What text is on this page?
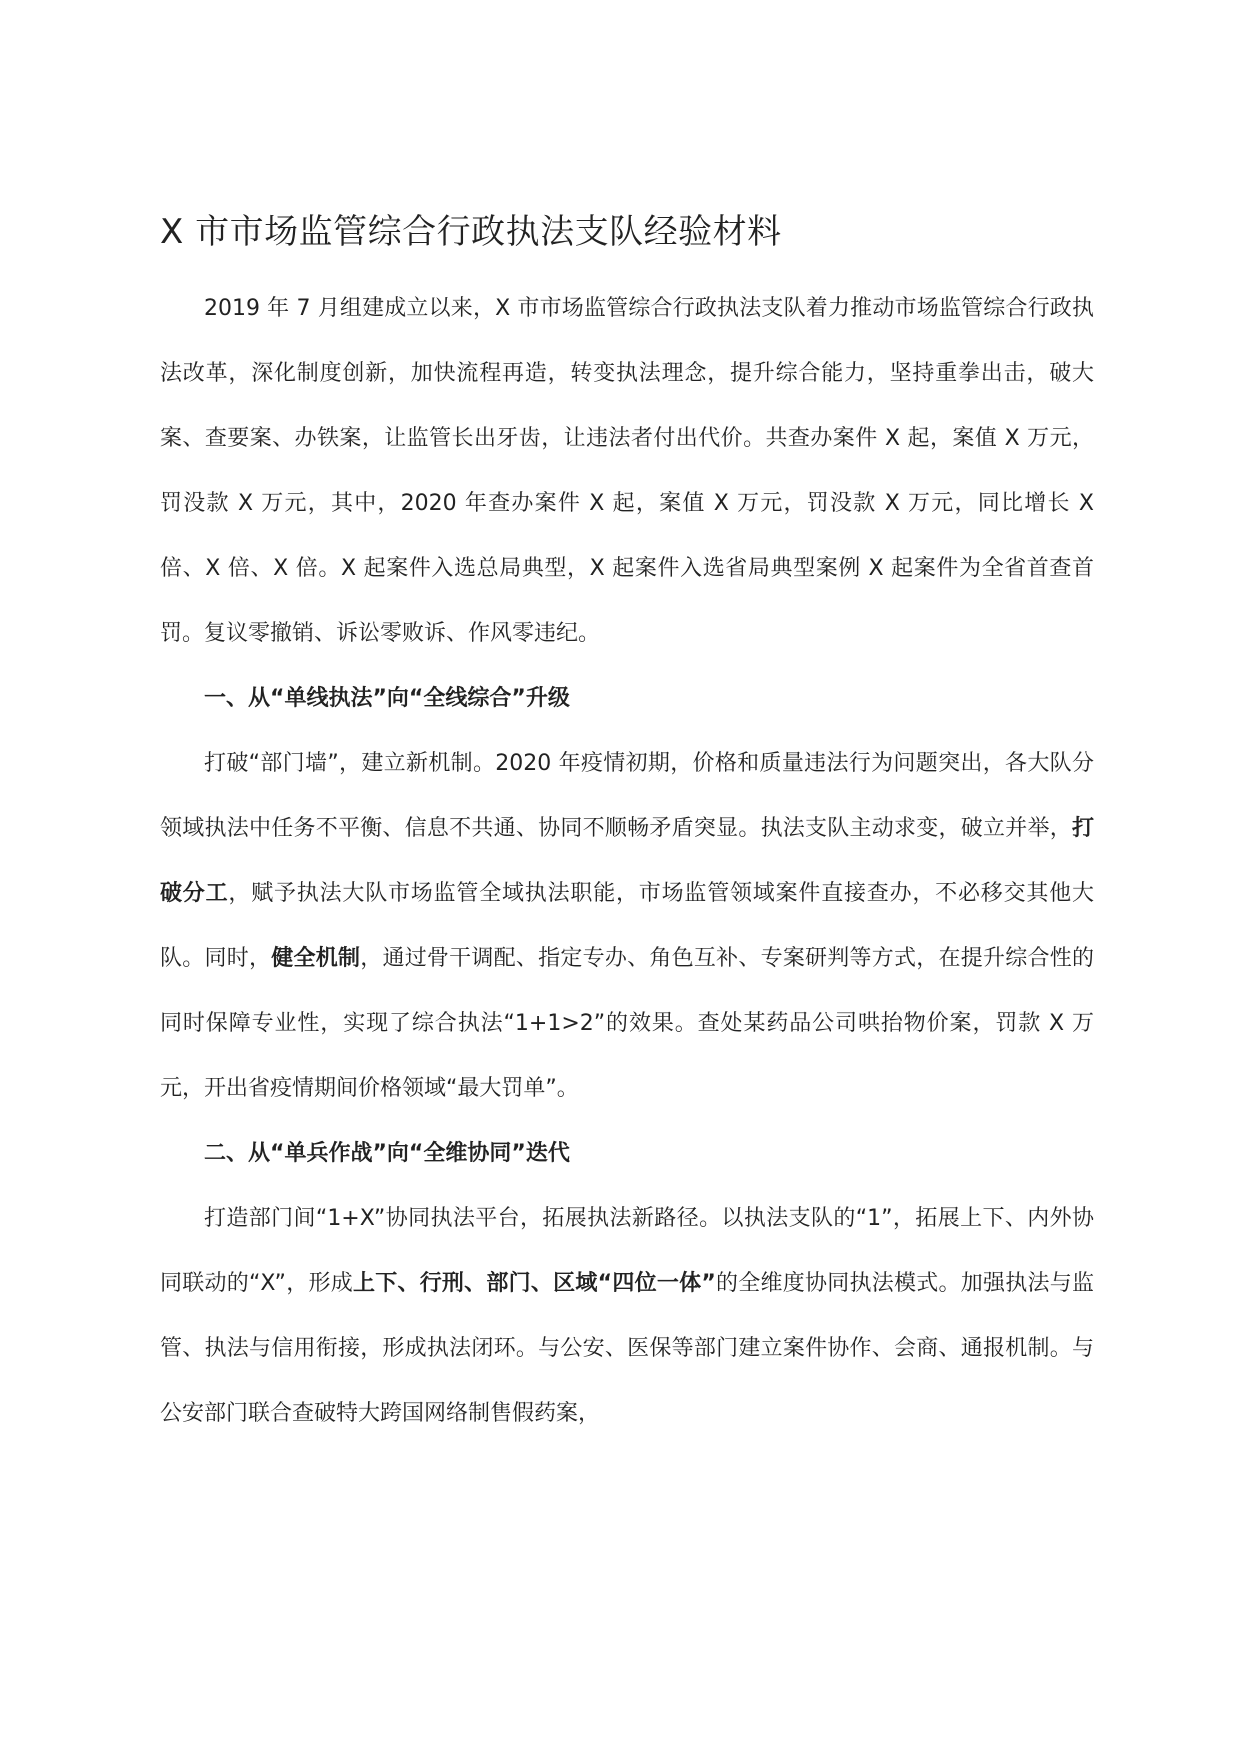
X 市市场监管综合行政执法支队经验材料

2019 年 7 月组建成立以来，X 市市场监管综合行政执法支队着力推动市场监管综合行政执法改革，深化制度创新，加快流程再造，转变执法理念，提升综合能力，坚持重拳出击，破大案、查要案、办铁案，让监管长出牙齿，让违法者付出代价。共查办案件 X 起，案值 X 万元，罚没款 X 万元，其中，2020 年查办案件 X 起，案值 X 万元，罚没款 X 万元，同比增长 X 倍、X 倍、X 倍。X 起案件入选总局典型，X 起案件入选省局典型案例 X 起案件为全省首查首罚。复议零撤销、诉讼零败诉、作风零违纪。

一、从“单线执法”向“全线综合”升级

打破“部门墙”，建立新机制。2020 年疫情初期，价格和质量违法行为问题突出，各大队分领域执法中任务不平衡、信息不共通、协同不顺畅矛盾突显。执法支队主动求变，破立并举，打破分工，赋予执法大队市场监管全域执法职能，市场监管领域案件直接查办，不必移交其他大队。同时，健全机制，通过骨干调配、指定专办、角色互补、专案研判等方式，在提升综合性的同时保障专业性，实现了综合执法“1+1>2”的效果。查处某药品公司哄抬物价案，罚款 X 万元，开出省疫情期间价格领域“最大罚单”。

二、从“单兵作战”向“全维协同”迭代

打造部门间“1+X”协同执法平台，拓展执法新路径。以执法支队的“1”，拓展上下、内外协同联动的“X”，形成上下、行刑、部门、区域“四位一体”的全维度协同执法模式。加强执法与监管、执法与信用衔接，形成执法闭环。与公安、医保等部门建立案件协作、会商、通报机制。与公安部门联合查破特大跨国网络制售假药案，
